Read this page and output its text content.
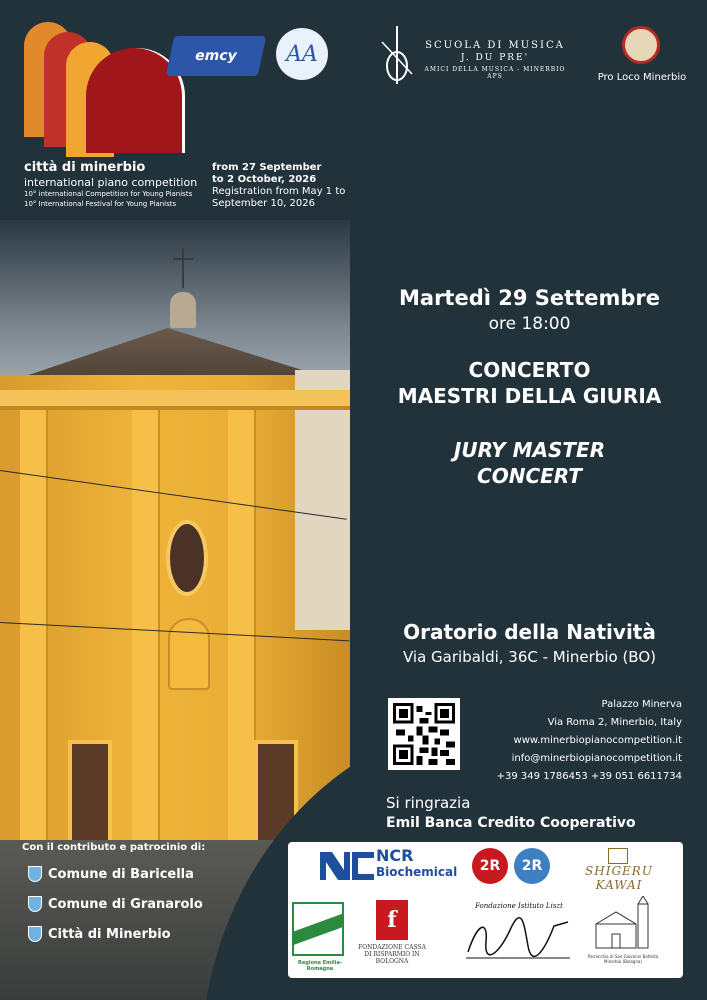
città di minerbio
international piano competition
10° international Competition for Young Pianists
10° International Festival for Young Pianists
from 27 September
to 2 October, 2026
Registration from May 1 to
September 10, 2026
emcy AA	SCUOLA DI MUSICA
J. DU PRE'
AMICI DELLA MUSICA - MINERBIO APS	Pro Loco Minerbio
Martedì 29 Settembre
ore 18:00
CONCERTO
MAESTRI DELLA GIURIA
JURY MASTER
CONCERT
Oratorio della Natività
Via Garibaldi, 36C - Minerbio (BO)
Palazzo Minerva
Via Roma 2, Minerbio, Italy
www.minerbiopianocompetition.it
info@minerbiopianocompetition.it
+39 349 1786453 +39 051 6611734
Si ringrazia
Emil Banca Credito Cooperativo
NCR
Biochemical 2R 2R	SHIGERU KAWAI
Regione Emilia-Romagna
f
FONDAZIONE CASSA DI RISPARMIO IN BOLOGNA
Fondazione Istituto Liszt
Parrocchia di San Giovanni Battista Minerbio (Bologna)
Con il contributo e patrocinio di:
Comune di Baricella
Comune di Granarolo
Città di Minerbio
